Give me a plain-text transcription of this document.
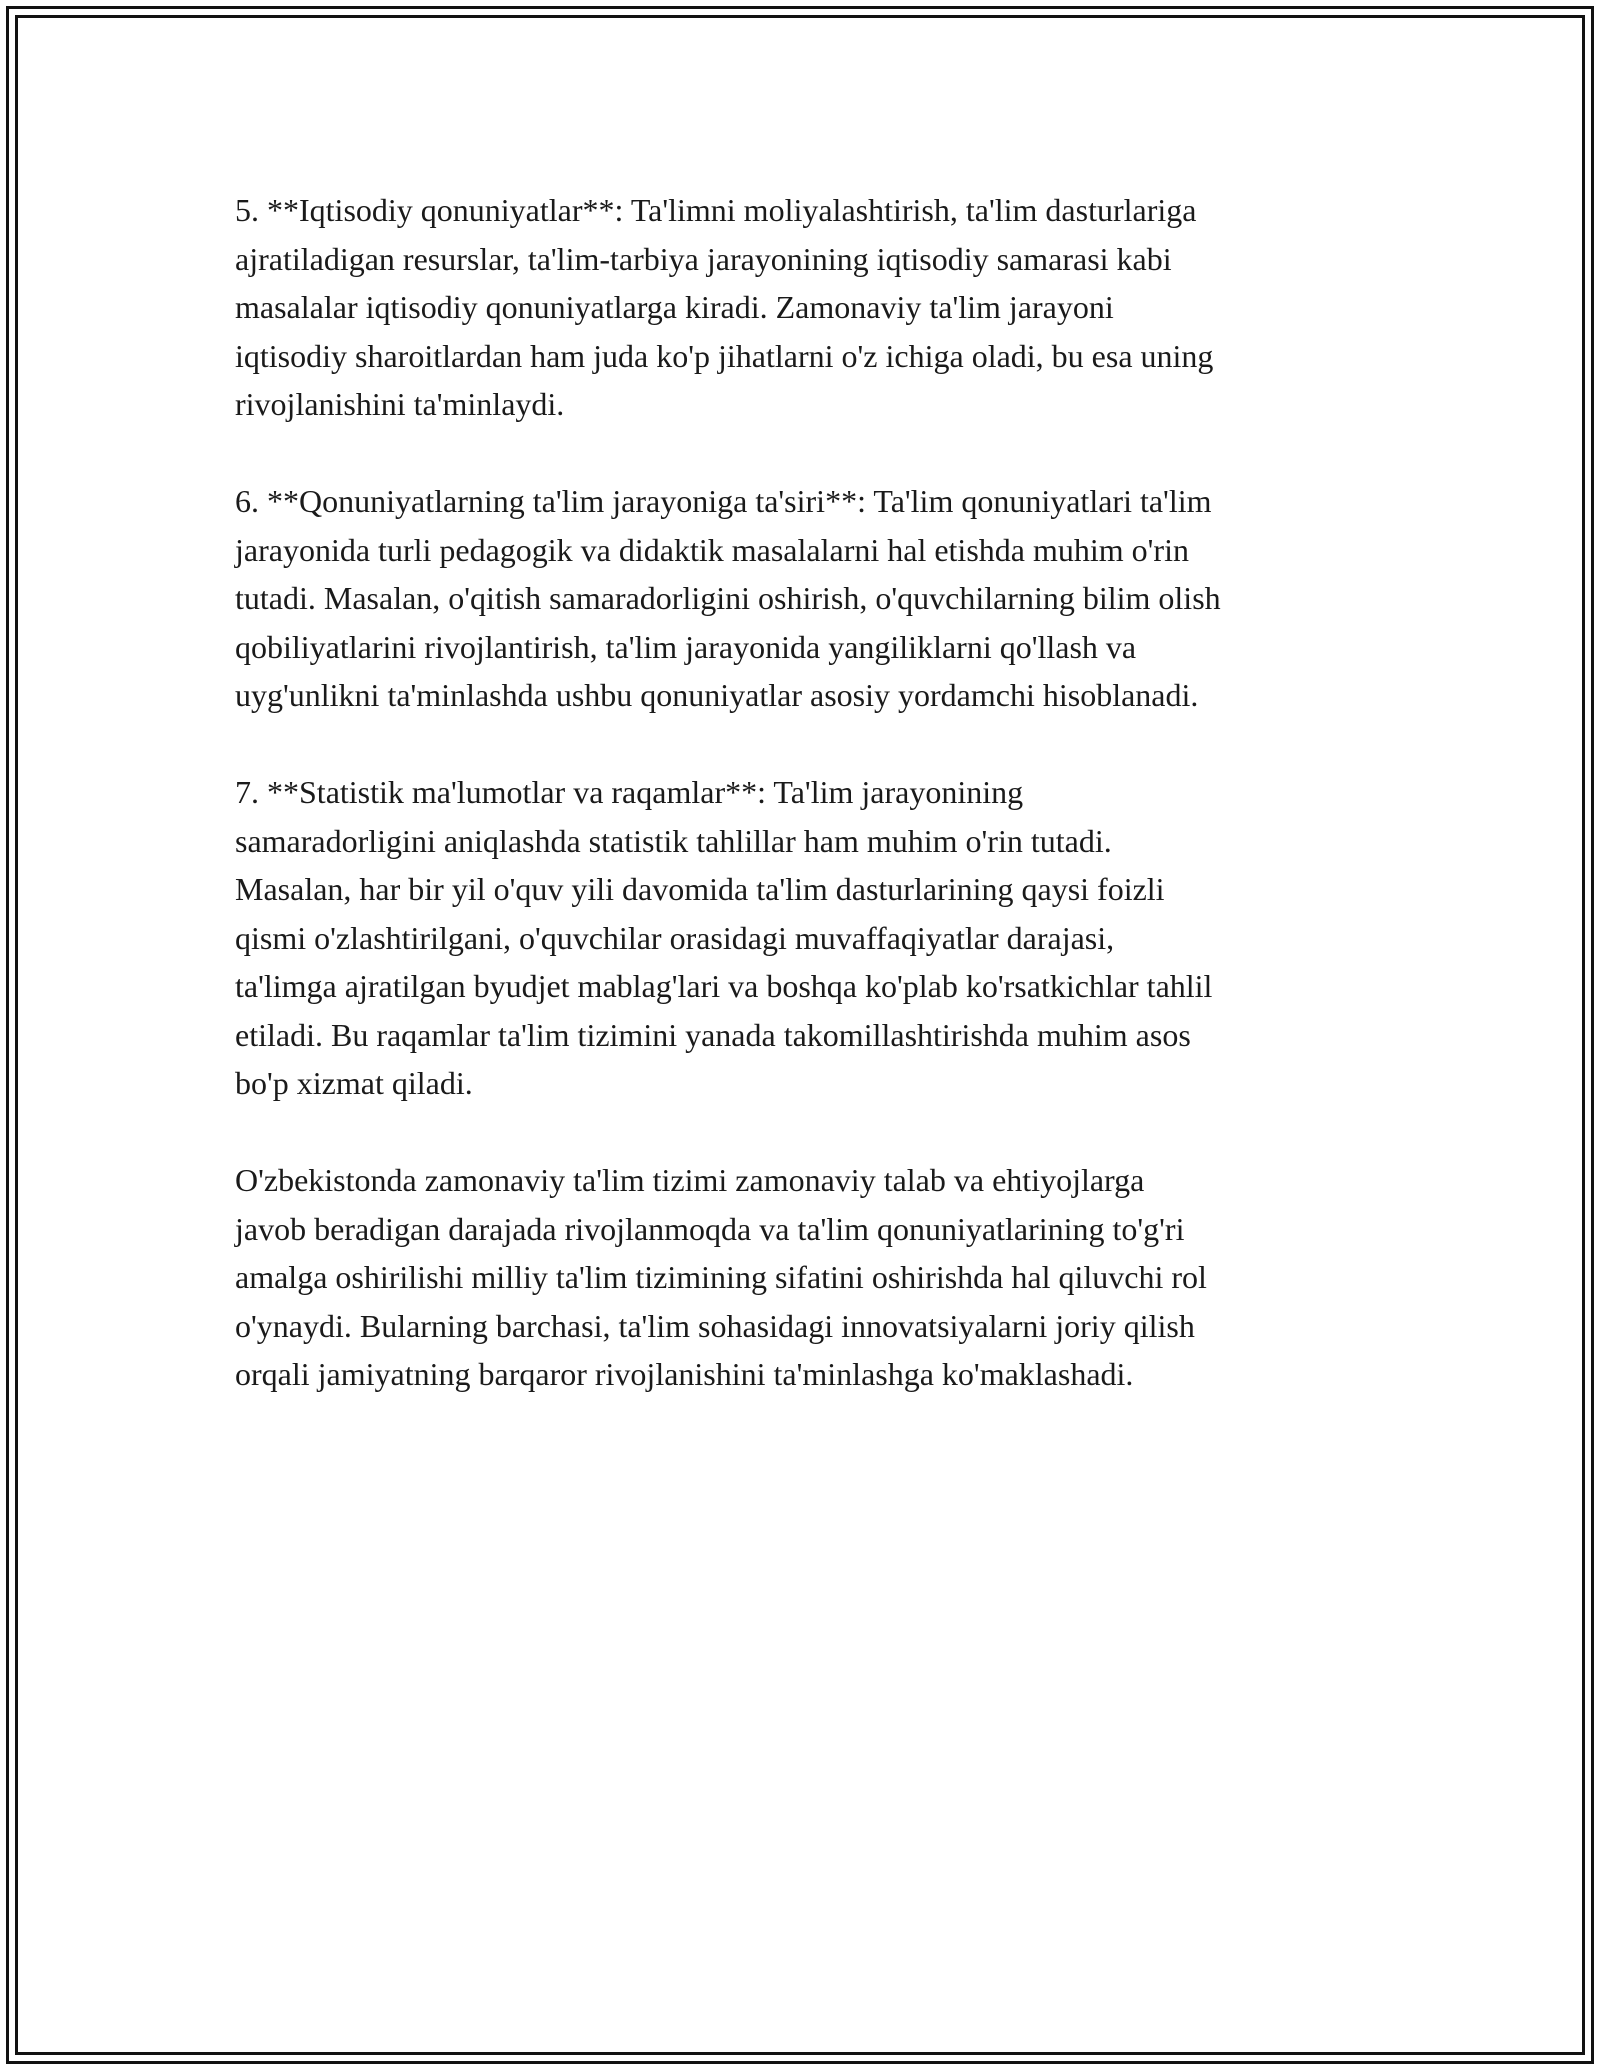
5. **Iqtisodiy qonuniyatlar**: Ta'limni moliyalashtirish, ta'lim dasturlariga
ajratiladigan resurslar, ta'lim-tarbiya jarayonining iqtisodiy samarasi kabi
masalalar iqtisodiy qonuniyatlarga kiradi. Zamonaviy ta'lim jarayoni
iqtisodiy sharoitlardan ham juda ko'p jihatlarni o'z ichiga oladi, bu esa uning
rivojlanishini ta'minlaydi.

6. **Qonuniyatlarning ta'lim jarayoniga ta'siri**: Ta'lim qonuniyatlari ta'lim
jarayonida turli pedagogik va didaktik masalalarni hal etishda muhim o'rin
tutadi. Masalan, o'qitish samaradorligini oshirish, o'quvchilarning bilim olish
qobiliyatlarini rivojlantirish, ta'lim jarayonida yangiliklarni qo'llash va
uyg'unlikni ta'minlashda ushbu qonuniyatlar asosiy yordamchi hisoblanadi.

7. **Statistik ma'lumotlar va raqamlar**: Ta'lim jarayonining
samaradorligini aniqlashda statistik tahlillar ham muhim o'rin tutadi.
Masalan, har bir yil o'quv yili davomida ta'lim dasturlarining qaysi foizli
qismi o'zlashtirilgani, o'quvchilar orasidagi muvaffaqiyatlar darajasi,
ta'limga ajratilgan byudjet mablag'lari va boshqa ko'plab ko'rsatkichlar tahlil
etiladi. Bu raqamlar ta'lim tizimini yanada takomillashtirishda muhim asos
bo'p xizmat qiladi.

O'zbekistonda zamonaviy ta'lim tizimi zamonaviy talab va ehtiyojlarga
javob beradigan darajada rivojlanmoqda va ta'lim qonuniyatlarining to'g'ri
amalga oshirilishi milliy ta'lim tizimining sifatini oshirishda hal qiluvchi rol
o'ynaydi. Bularning barchasi, ta'lim sohasidagi innovatsiyalarni joriy qilish
orqali jamiyatning barqaror rivojlanishini ta'minlashga ko'maklashadi.
